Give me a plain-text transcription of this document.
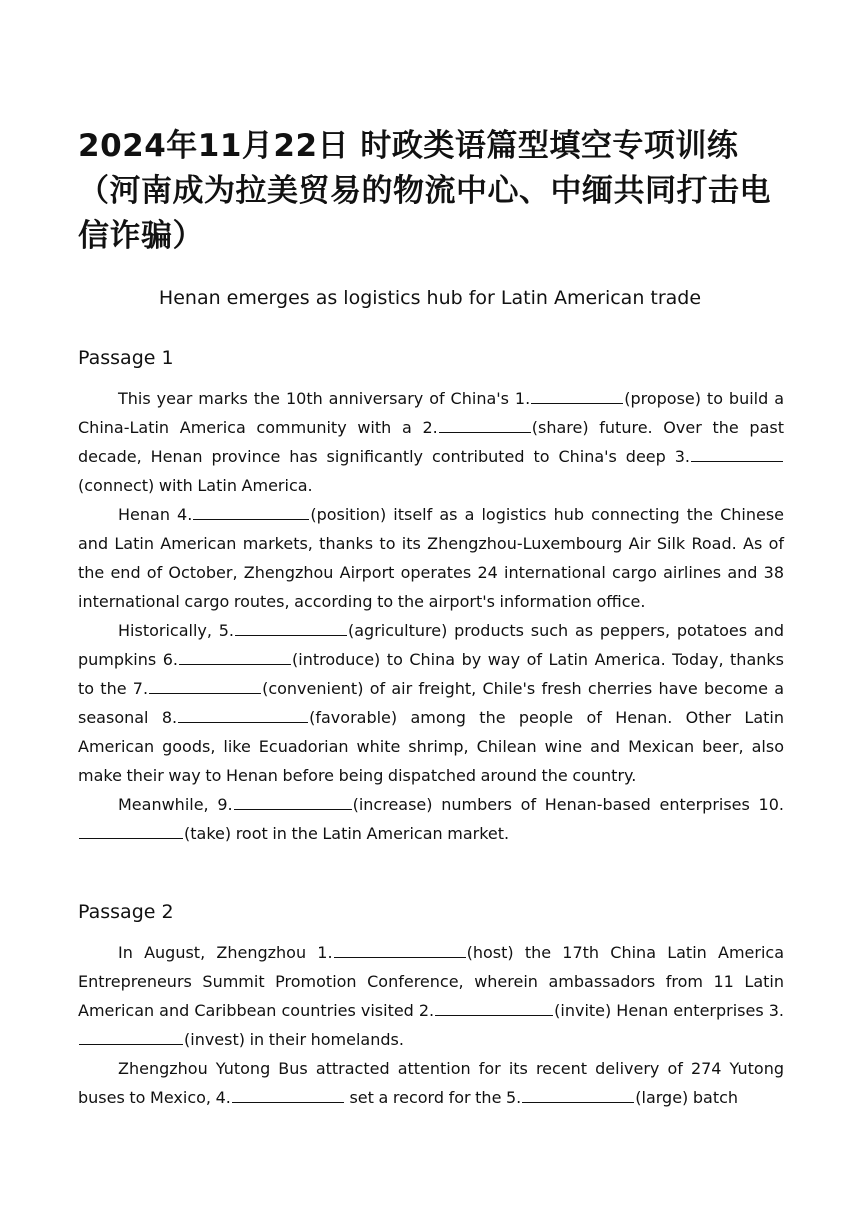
2024年11月22日 时政类语篇型填空专项训练（河南成为拉美贸易的物流中心、中缅共同打击电信诈骗）

Henan emerges as logistics hub for Latin American trade

Passage 1

This year marks the 10th anniversary of China's 1.	(propose) to build a China-Latin America community with a 2.	(share) future. Over the past decade, Henan province has significantly contributed to China's deep 3.(connect) with Latin America.

Henan 4.	(position) itself as a logistics hub connecting the Chinese and Latin American markets, thanks to its Zhengzhou-Luxembourg Air Silk Road. As of the end of October, Zhengzhou Airport operates 24 international cargo airlines and 38 international cargo routes, according to the airport's information office.

Historically, 5.	(agriculture) products such as peppers, potatoes and pumpkins 6.	(introduce) to China by way of Latin America. Today, thanks to the 7.	(convenient) of air freight, Chile's fresh cherries have become a seasonal 8.	(favorable) among the people of Henan. Other Latin American goods, like Ecuadorian white shrimp, Chilean wine and Mexican beer, also make their way to Henan before being dispatched around the country.

Meanwhile, 9.	(increase) numbers of Henan-based enterprises 10.(take) root in the Latin American market.

Passage 2

In August, Zhengzhou 1.	(host) the 17th China Latin America Entrepreneurs Summit Promotion Conference, wherein ambassadors from 11 Latin American and Caribbean countries visited 2.	(invite) Henan enterprises 3.(invest) in their homelands.

Zhengzhou Yutong Bus attracted attention for its recent delivery of 274 Yutong buses to Mexico, 4.	set a record for the 5.	(large) batch
